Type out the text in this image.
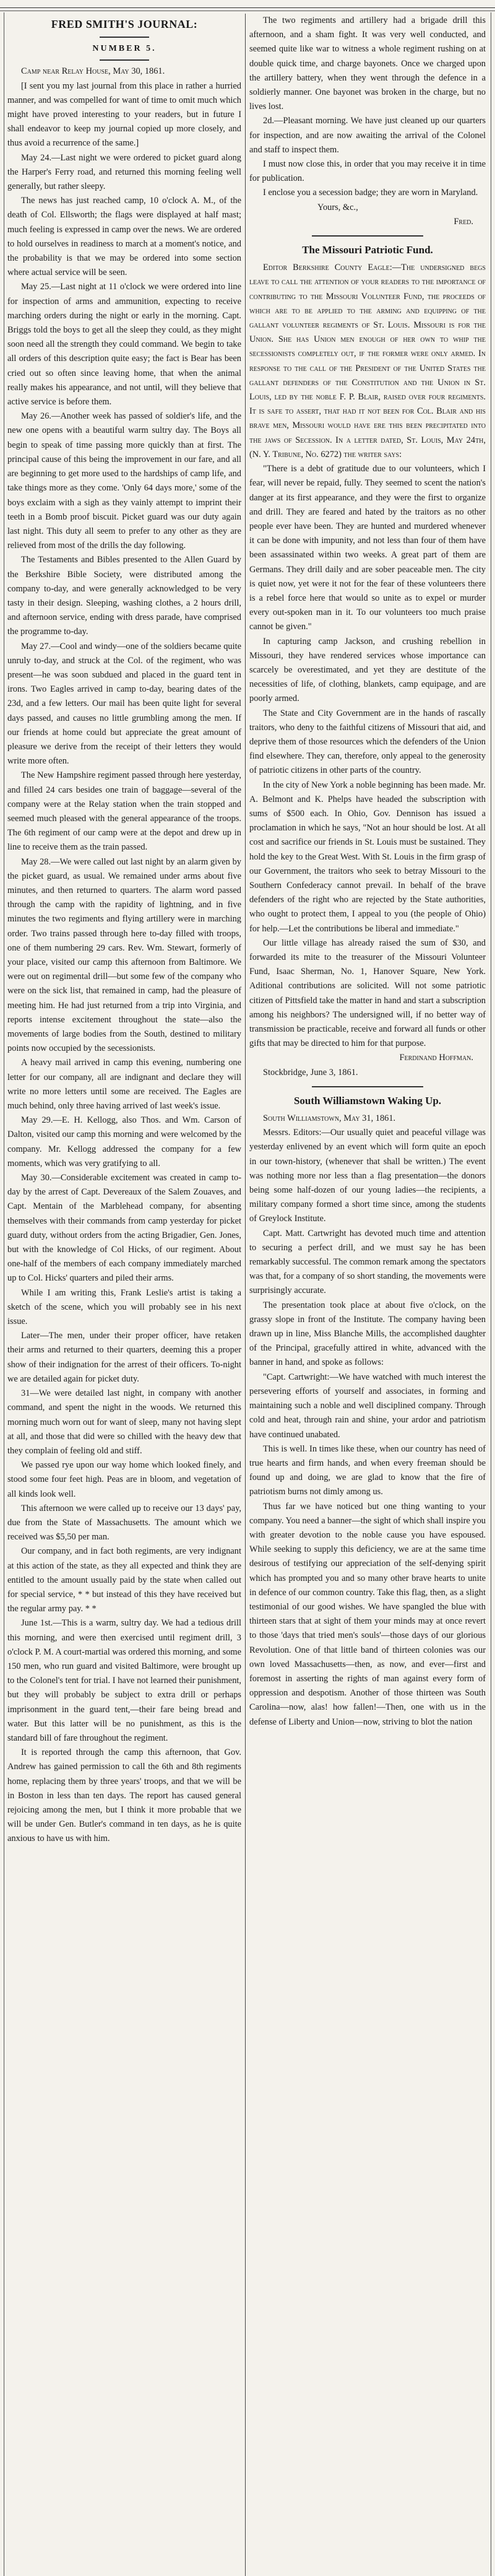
FRED SMITH'S JOURNAL:
NUMBER 5.

Camp near Relay House, May 30, 1861.

[I sent you my last journal from this place in rather a hurried manner, and was compelled for want of time to omit much which might have proved interesting to your readers, but in future I shall endeavor to keep my journal copied up more closely, and thus avoid a recurrence of the same.]

May 24.—Last night we were ordered to picket guard along the Harper's Ferry road, and returned this morning feeling well generally, but rather sleepy.

The news has just reached camp, 10 o'clock A. M., of the death of Col. Ellsworth; the flags were displayed at half mast; much feeling is expressed in camp over the news. We are ordered to hold ourselves in readiness to march at a moment's notice, and the probability is that we may be ordered into some section where actual service will be seen.

May 25.—Last night at 11 o'clock we were ordered into line for inspection of arms and ammunition, expecting to receive marching orders during the night or early in the morning. Capt. Briggs told the boys to get all the sleep they could, as they might soon need all the strength they could command. We begin to take all orders of this description quite easy; the fact is Bear has been cried out so often since leaving home, that when the animal really makes his appearance, and not until, will they believe that active service is before them.

May 26.—Another week has passed of soldier's life, and the new one opens with a beautiful warm sultry day. The Boys all begin to speak of time passing more quickly than at first. The principal cause of this being the improvement in our fare, and all are beginning to get more used to the hardships of camp life, and take things more as they come. 'Only 64 days more,' some of the boys exclaim with a sigh as they vainly attempt to imprint their teeth in a Bomb proof biscuit. Picket guard was our duty again last night. This duty all seem to prefer to any other as they are relieved from most of the drills the day following.

The Testaments and Bibles presented to the Allen Guard by the Berkshire Bible Society, were distributed among the company to-day, and were generally acknowledged to be very tasty in their design. Sleeping, washing clothes, a 2 hours drill, and afternoon service, ending with dress parade, have comprised the programme to-day.

May 27.—Cool and windy—one of the soldiers became quite unruly to-day, and struck at the Col. of the regiment, who was present—he was soon subdued and placed in the guard tent in irons. Two Eagles arrived in camp to-day, bearing dates of the 23d, and a few letters. Our mail has been quite light for several days passed, and causes no little grumbling among the men. If our friends at home could but appreciate the great amount of pleasure we derive from the receipt of their letters they would write more often.

The New Hampshire regiment passed through here yesterday, and filled 24 cars besides one train of baggage—several of the company were at the Relay station when the train stopped and seemed much pleased with the general appearance of the troops. The 6th regiment of our camp were at the depot and drew up in line to receive them as the train passed.

May 28.—We were called out last night by an alarm given by the picket guard, as usual. We remained under arms about five minutes, and then returned to quarters. The alarm word passed through the camp with the rapidity of lightning, and in five minutes the two regiments and flying artillery were in marching order. Two trains passed through here to-day filled with troops, one of them numbering 29 cars. Rev. Wm. Stewart, formerly of your place, visited our camp this afternoon from Baltimore. We were out on regimental drill—but some few of the company who were on the sick list, that remained in camp, had the pleasure of meeting him. He had just returned from a trip into Virginia, and reports intense excitement throughout the state—also the movements of large bodies from the South, destined to military points now occupied by the secessionists.

A heavy mail arrived in camp this evening, numbering one letter for our company, all are indignant and declare they will write no more letters until some are received. The Eagles are much behind, only three having arrived of last week's issue.

May 29.—E. H. Kellogg, also Thos. and Wm. Carson of Dalton, visited our camp this morning and were welcomed by the company. Mr. Kellogg addressed the company for a few moments, which was very gratifying to all.

May 30.—Considerable excitement was created in camp to-day by the arrest of Capt. Devereaux of the Salem Zouaves, and Capt. Mentain of the Marblehead company, for absenting themselves with their commands from camp yesterday for picket guard duty, without orders from the acting Brigadier, Gen. Jones, but with the knowledge of Col Hicks, of our regiment. About one-half of the members of each company immediately marched up to Col. Hicks' quarters and piled their arms.

While I am writing this, Frank Leslie's artist is taking a sketch of the scene, which you will probably see in his next issue.

Later—The men, under their proper officer, have retaken their arms and returned to their quarters, deeming this a proper show of their indignation for the arrest of their officers. To-night we are detailed again for picket duty.

31—We were detailed last night, in company with another command, and spent the night in the woods. We returned this morning much worn out for want of sleep, many not having slept at all, and those that did were so chilled with the heavy dew that they complain of feeling old and stiff.

We passed rye upon our way home which looked finely, and stood some four feet high. Peas are in bloom, and vegetation of all kinds look well.

This afternoon we were called up to receive our 13 days' pay, due from the State of Massachusetts. The amount which we received was $5,50 per man.

Our company, and in fact both regiments, are very indignant at this action of the state, as they all expected and think they are entitled to the amount usually paid by the state when called out for special service, * * but instead of this they have received but the regular army pay. * *

June 1st.—This is a warm, sultry day. We had a tedious drill this morning, and were then exercised until regiment drill, 3 o'clock P. M. A court-martial was ordered this morning, and some 150 men, who run guard and visited Baltimore, were brought up to the Colonel's tent for trial. I have not learned their punishment, but they will probably be subject to extra drill or perhaps imprisonment in the guard tent,—their fare being bread and water. But this latter will be no punishment, as this is the standard bill of fare throughout the regiment.

It is reported through the camp this afternoon, that Gov. Andrew has gained permission to call the 6th and 8th regiments home, replacing them by three years' troops, and that we will be in Boston in less than ten days. The report has caused general rejoicing among the men, but I think it more probable that we will be under Gen. Butler's command in ten days, as he is quite anxious to have us with him.

The two regiments and artillery had a brigade drill this afternoon, and a sham fight. It was very well conducted, and seemed quite like war to witness a whole regiment rushing on at double quick time, and charge bayonets. Once we charged upon the artillery battery, when they went through the defence in a soldierly manner. One bayonet was broken in the charge, but no lives lost.

2d.—Pleasant morning. We have just cleaned up our quarters for inspection, and are now awaiting the arrival of the Colonel and staff to inspect them.

I must now close this, in order that you may receive it in time for publication.

I enclose you a secession badge; they are worn in Maryland.

Yours, &c.,

Fred.

The Missouri Patriotic Fund.

Editor Berkshire County Eagle:—The undersigned begs leave to call the attention of your readers to the importance of contributing to the Missouri Volunteer Fund, the proceeds of which are to be applied to the arming and equipping of the gallant volunteer regiments of St. Louis. Missouri is for the Union. She has Union men enough of her own to whip the secessionists completely out, if the former were only armed. In response to the call of the President of the United States the gallant defenders of the Constitution and the Union in St. Louis, led by the noble F. P. Blair, raised over four regiments. It is safe to assert, that had it not been for Col. Blair and his brave men, Missouri would have ere this been precipitated into the jaws of Secession. In a letter dated, St. Louis, May 24th, (N. Y. Tribune, No. 6272) the writer says:

"There is a debt of gratitude due to our volunteers, which I fear, will never be repaid, fully. They seemed to scent the nation's danger at its first appearance, and they were the first to organize and drill. They are feared and hated by the traitors as no other people ever have been. They are hunted and murdered whenever it can be done with impunity, and not less than four of them have been assassinated within two weeks. A great part of them are Germans. They drill daily and are sober peaceable men. The city is quiet now, yet were it not for the fear of these volunteers there is a rebel force here that would so unite as to expel or murder every out-spoken man in it. To our volunteers too much praise cannot be given."

In capturing camp Jackson, and crushing rebellion in Missouri, they have rendered services whose importance can scarcely be overestimated, and yet they are destitute of the necessities of life, of clothing, blankets, camp equipage, and are poorly armed.

The State and City Government are in the hands of rascally traitors, who deny to the faithful citizens of Missouri that aid, and deprive them of those resources which the defenders of the Union find elsewhere. They can, therefore, only appeal to the generosity of patriotic citizens in other parts of the country.

In the city of New York a noble beginning has been made. Mr. A. Belmont and K. Phelps have headed the subscription with sums of $500 each. In Ohio, Gov. Dennison has issued a proclamation in which he says, "Not an hour should be lost. At all cost and sacrifice our friends in St. Louis must be sustained. They hold the key to the Great West. With St. Louis in the firm grasp of our Government, the traitors who seek to betray Missouri to the Southern Confederacy cannot prevail. In behalf of the brave defenders of the right who are rejected by the State authorities, who ought to protect them, I appeal to you (the people of Ohio) for help.—Let the contributions be liberal and immediate."

Our little village has already raised the sum of $30, and forwarded its mite to the treasurer of the Missouri Volunteer Fund, Isaac Sherman, No. 1, Hanover Square, New York. Aditional contributions are solicited. Will not some patriotic citizen of Pittsfield take the matter in hand and start a subscription among his neighbors? The undersigned will, if no better way of transmission be practicable, receive and forward all funds or other gifts that may be directed to him for that purpose.

Ferdinand Hoffman.

Stockbridge, June 3, 1861.

South Williamstown Waking Up.

South Williamstown, May 31, 1861.

Messrs. Editors:—Our usually quiet and peaceful village was yesterday enlivened by an event which will form quite an epoch in our town-history, (whenever that shall be written.) The event was nothing more nor less than a flag presentation—the donors being some half-dozen of our young ladies—the recipients, a military company formed a short time since, among the students of Greylock Institute.

Capt. Matt. Cartwright has devoted much time and attention to securing a perfect drill, and we must say he has been remarkably successful. The common remark among the spectators was that, for a company of so short standing, the movements were surprisingly accurate.

The presentation took place at about five o'clock, on the grassy slope in front of the Institute. The company having been drawn up in line, Miss Blanche Mills, the accomplished daughter of the Principal, gracefully attired in white, advanced with the banner in hand, and spoke as follows:

"Capt. Cartwright:—We have watched with much interest the persevering efforts of yourself and associates, in forming and maintaining such a noble and well disciplined company. Through cold and heat, through rain and shine, your ardor and patriotism have continued unabated.

This is well. In times like these, when our country has need of true hearts and firm hands, and when every freeman should be found up and doing, we are glad to know that the fire of patriotism burns not dimly among us.

Thus far we have noticed but one thing wanting to your company. You need a banner—the sight of which shall inspire you with greater devotion to the noble cause you have espoused. While seeking to supply this deficiency, we are at the same time desirous of testifying our appreciation of the self-denying spirit which has prompted you and so many other brave hearts to unite in defence of our common country. Take this flag, then, as a slight testimonial of our good wishes. We have spangled the blue with thirteen stars that at sight of them your minds may at once revert to those 'days that tried men's souls'—those days of our glorious Revolution. One of that little band of thirteen colonies was our own loved Massachusetts—then, as now, and ever—first and foremost in asserting the rights of man against every form of oppression and despotism. Another of those thirteen was South Carolina—now, alas! how fallen!—Then, one with us in the defense of Liberty and Union—now, striving to blot the nation
